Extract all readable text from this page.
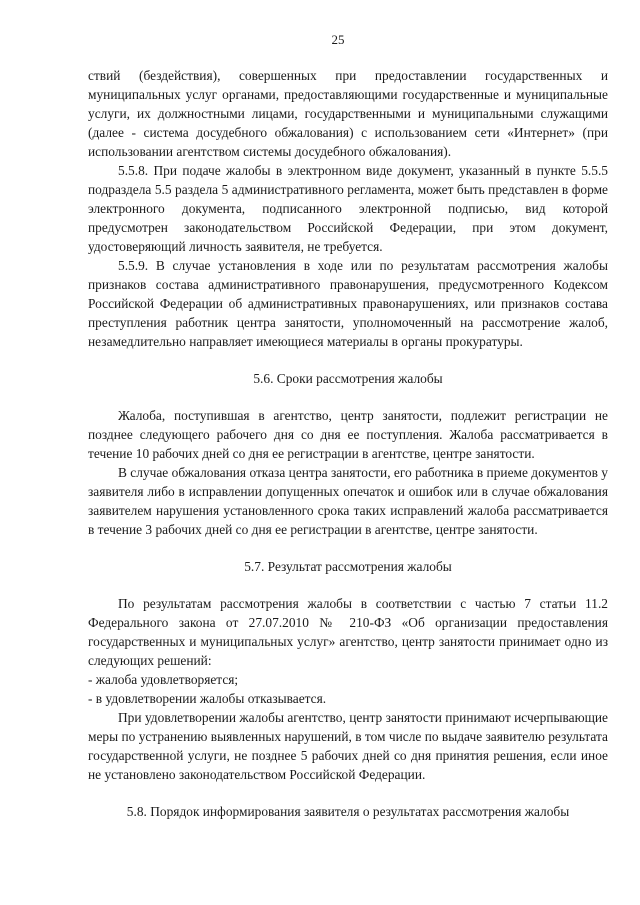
25

ствий (бездействия), совершенных при предоставлении государственных и муниципальных услуг органами, предоставляющими государственные и муниципальные услуги, их должностными лицами, государственными и муниципальными служащими (далее - система досудебного обжалования) с использованием сети «Интернет» (при использовании агентством системы досудебного обжалования).

5.5.8. При подаче жалобы в электронном виде документ, указанный в пункте 5.5.5 подраздела 5.5 раздела 5 административного регламента, может быть представлен в форме электронного документа, подписанного электронной подписью, вид которой предусмотрен законодательством Российской Федерации, при этом документ, удостоверяющий личность заявителя, не требуется.

5.5.9. В случае установления в ходе или по результатам рассмотрения жалобы признаков состава административного правонарушения, предусмотренного Кодексом Российской Федерации об административных правонарушениях, или признаков состава преступления работник центра занятости, уполномоченный на рассмотрение жалоб, незамедлительно направляет имеющиеся материалы в органы прокуратуры.

5.6. Сроки рассмотрения жалобы

Жалоба, поступившая в агентство, центр занятости, подлежит регистрации не позднее следующего рабочего дня со дня ее поступления. Жалоба рассматривается в течение 10 рабочих дней со дня ее регистрации в агентстве, центре занятости.

В случае обжалования отказа центра занятости, его работника в приеме документов у заявителя либо в исправлении допущенных опечаток и ошибок или в случае обжалования заявителем нарушения установленного срока таких исправлений жалоба рассматривается в течение 3 рабочих дней со дня ее регистрации в агентстве, центре занятости.

5.7. Результат рассмотрения жалобы

По результатам рассмотрения жалобы в соответствии с частью 7 статьи 11.2 Федерального закона от 27.07.2010 № 210-ФЗ «Об организации предоставления государственных и муниципальных услуг» агентство, центр занятости принимает одно из следующих решений:

- жалоба удовлетворяется;

- в удовлетворении жалобы отказывается.

При удовлетворении жалобы агентство, центр занятости принимают исчерпывающие меры по устранению выявленных нарушений, в том числе по выдаче заявителю результата государственной услуги, не позднее 5 рабочих дней со дня принятия решения, если иное не установлено законодательством Российской Федерации.

5.8. Порядок информирования заявителя о результатах рассмотрения жалобы
